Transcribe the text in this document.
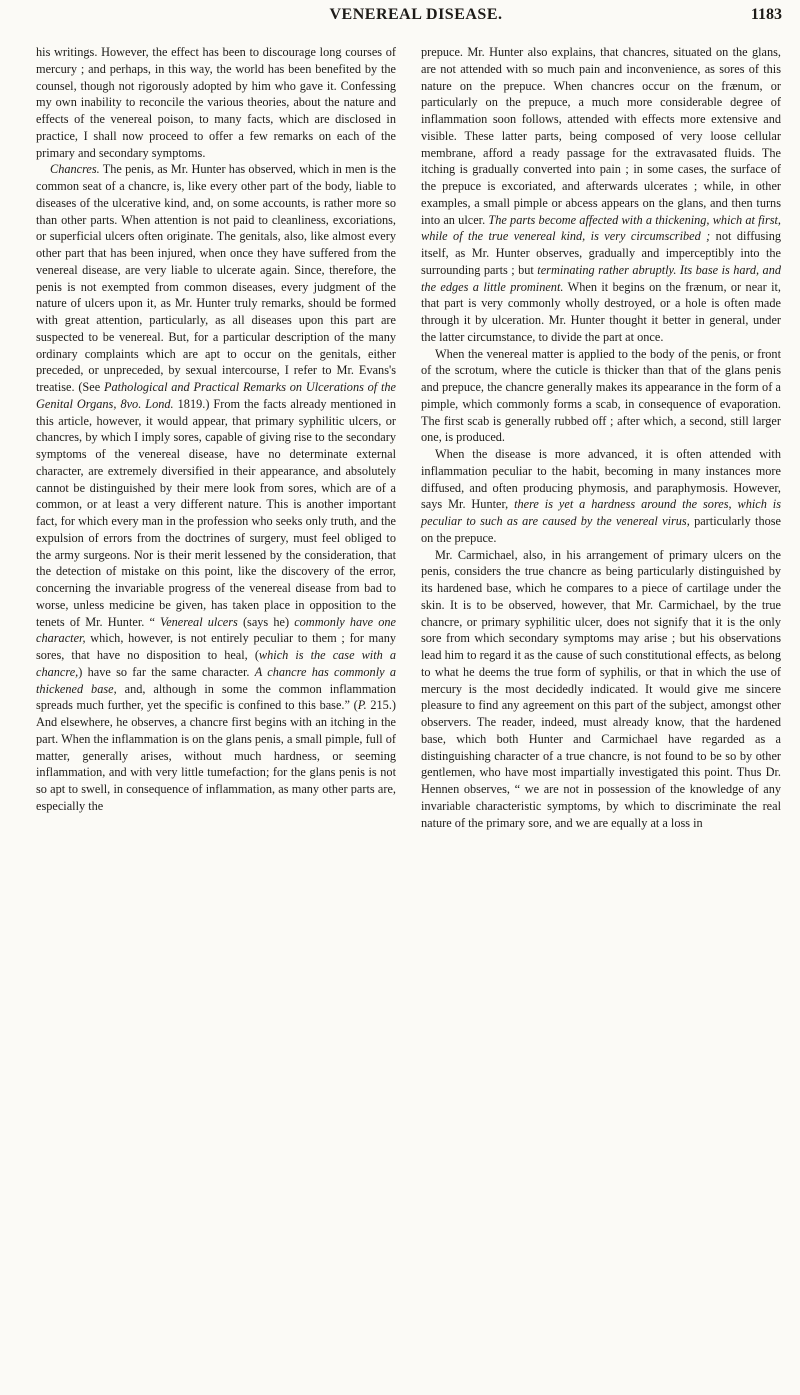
VENEREAL DISEASE.	1183

his writings. However, the effect has been to discourage long courses of mercury ; and perhaps, in this way, the world has been benefited by the counsel, though not rigorously adopted by him who gave it. Confessing my own inability to reconcile the various theories, about the nature and effects of the venereal poison, to many facts, which are disclosed in practice, I shall now proceed to offer a few remarks on each of the primary and secondary symptoms.

Chancres. The penis, as Mr. Hunter has observed, which in men is the common seat of a chancre, is, like every other part of the body, liable to diseases of the ulcerative kind, and, on some accounts, is rather more so than other parts. When attention is not paid to cleanliness, excoriations, or superficial ulcers often originate. The genitals, also, like almost every other part that has been injured, when once they have suffered from the venereal disease, are very liable to ulcerate again. Since, therefore, the penis is not exempted from common diseases, every judgment of the nature of ulcers upon it, as Mr. Hunter truly remarks, should be formed with great attention, particularly, as all diseases upon this part are suspected to be venereal. But, for a particular description of the many ordinary complaints which are apt to occur on the genitals, either preceded, or unpreceded, by sexual intercourse, I refer to Mr. Evans's treatise. (See Pathological and Practical Remarks on Ulcerations of the Genital Organs, 8vo. Lond. 1819.) From the facts already mentioned in this article, however, it would appear, that primary syphilitic ulcers, or chancres, by which I imply sores, capable of giving rise to the secondary symptoms of the venereal disease, have no determinate external character, are extremely diversified in their appearance, and absolutely cannot be distinguished by their mere look from sores, which are of a common, or at least a very different nature. This is another important fact, for which every man in the profession who seeks only truth, and the expulsion of errors from the doctrines of surgery, must feel obliged to the army surgeons. Nor is their merit lessened by the consideration, that the detection of mistake on this point, like the discovery of the error, concerning the invariable progress of the venereal disease from bad to worse, unless medicine be given, has taken place in opposition to the tenets of Mr. Hunter. “ Venereal ulcers (says he) commonly have one character, which, however, is not entirely peculiar to them ; for many sores, that have no disposition to heal, (which is the case with a chancre,) have so far the same character. A chancre has commonly a thickened base, and, although in some the common inflammation spreads much further, yet the specific is confined to this base.” (P. 215.) And elsewhere, he observes, a chancre first begins with an itching in the part. When the inflammation is on the glans penis, a small pimple, full of matter, generally arises, without much hardness, or seeming inflammation, and with very little tumefaction; for the glans penis is not so apt to swell, in consequence of inflammation, as many other parts are, especially the

prepuce. Mr. Hunter also explains, that chancres, situated on the glans, are not attended with so much pain and inconvenience, as sores of this nature on the prepuce. When chancres occur on the frænum, or particularly on the prepuce, a much more considerable degree of inflammation soon follows, attended with effects more extensive and visible. These latter parts, being composed of very loose cellular membrane, afford a ready passage for the extravasated fluids. The itching is gradually converted into pain ; in some cases, the surface of the prepuce is excoriated, and afterwards ulcerates ; while, in other examples, a small pimple or abcess appears on the glans, and then turns into an ulcer. The parts become affected with a thickening, which at first, while of the true venereal kind, is very circumscribed ; not diffusing itself, as Mr. Hunter observes, gradually and imperceptibly into the surrounding parts ; but terminating rather abruptly. Its base is hard, and the edges a little prominent. When it begins on the frænum, or near it, that part is very commonly wholly destroyed, or a hole is often made through it by ulceration. Mr. Hunter thought it better in general, under the latter circumstance, to divide the part at once.

When the venereal matter is applied to the body of the penis, or front of the scrotum, where the cuticle is thicker than that of the glans penis and prepuce, the chancre generally makes its appearance in the form of a pimple, which commonly forms a scab, in consequence of evaporation. The first scab is generally rubbed off ; after which, a second, still larger one, is produced.

When the disease is more advanced, it is often attended with inflammation peculiar to the habit, becoming in many instances more diffused, and often producing phymosis, and paraphymosis. However, says Mr. Hunter, there is yet a hardness around the sores, which is peculiar to such as are caused by the venereal virus, particularly those on the prepuce.

Mr. Carmichael, also, in his arrangement of primary ulcers on the penis, considers the true chancre as being particularly distinguished by its hardened base, which he compares to a piece of cartilage under the skin. It is to be observed, however, that Mr. Carmichael, by the true chancre, or primary syphilitic ulcer, does not signify that it is the only sore from which secondary symptoms may arise ; but his observations lead him to regard it as the cause of such constitutional effects, as belong to what he deems the true form of syphilis, or that in which the use of mercury is the most decidedly indicated. It would give me sincere pleasure to find any agreement on this part of the subject, amongst other observers. The reader, indeed, must already know, that the hardened base, which both Hunter and Carmichael have regarded as a distinguishing character of a true chancre, is not found to be so by other gentlemen, who have most impartially investigated this point. Thus Dr. Hennen observes, “ we are not in possession of the knowledge of any invariable characteristic symptoms, by which to discriminate the real nature of the primary sore, and we are equally at a loss in
